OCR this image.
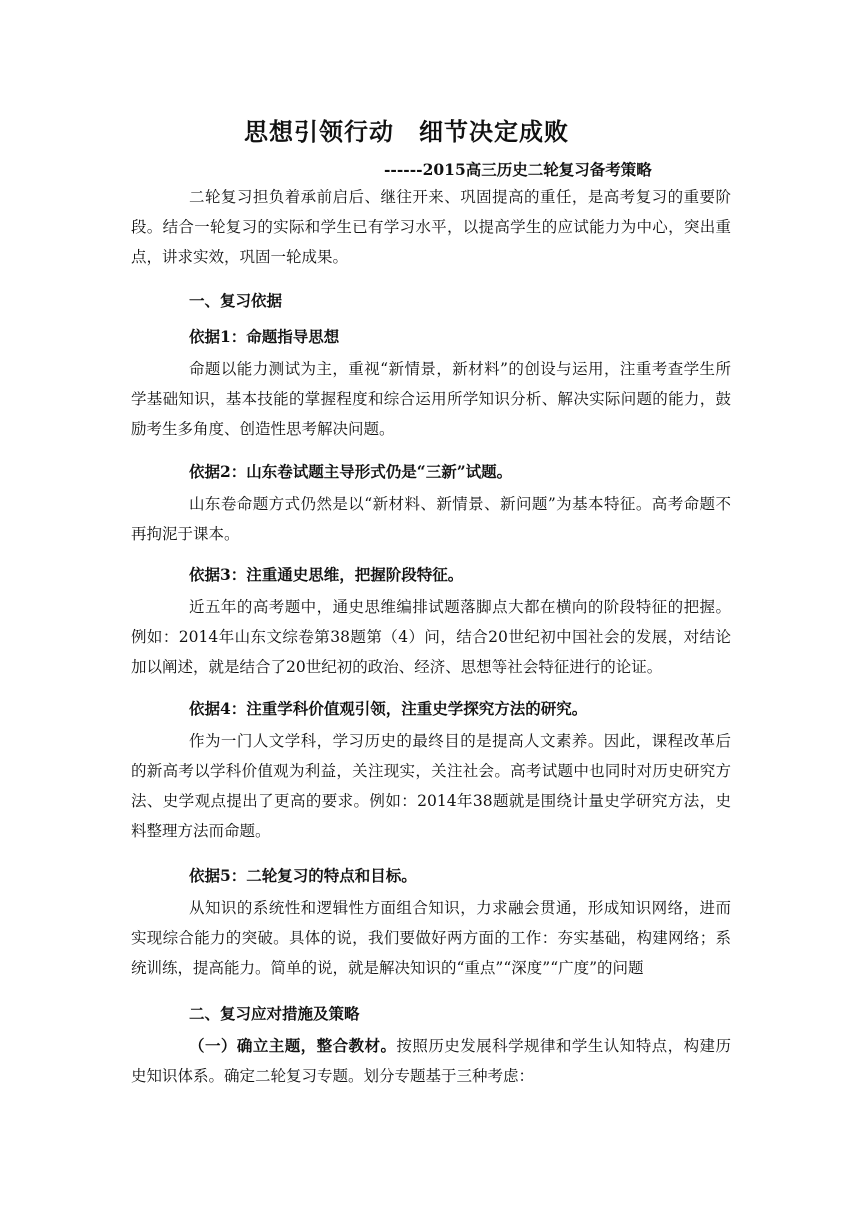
思想引领行动　细节决定成败
------2015高三历史二轮复习备考策略
二轮复习担负着承前启后、继往开来、巩固提高的重任，是高考复习的重要阶段。结合一轮复习的实际和学生已有学习水平，以提高学生的应试能力为中心，突出重点，讲求实效，巩固一轮成果。
一、复习依据
依据1：命题指导思想
命题以能力测试为主，重视“新情景，新材料”的创设与运用，注重考查学生所学基础知识，基本技能的掌握程度和综合运用所学知识分析、解决实际问题的能力，鼓励考生多角度、创造性思考解决问题。
依据2：山东卷试题主导形式仍是“三新”试题。
山东卷命题方式仍然是以“新材料、新情景、新问题”为基本特征。高考命题不再拘泥于课本。
依据3：注重通史思维，把握阶段特征。
近五年的高考题中，通史思维编排试题落脚点大都在横向的阶段特征的把握。例如：2014年山东文综卷第38题第（4）问，结合20世纪初中国社会的发展，对结论加以阐述，就是结合了20世纪初的政治、经济、思想等社会特征进行的论证。
依据4：注重学科价值观引领，注重史学探究方法的研究。
作为一门人文学科，学习历史的最终目的是提高人文素养。因此，课程改革后的新高考以学科价值观为利益，关注现实，关注社会。高考试题中也同时对历史研究方法、史学观点提出了更高的要求。例如：2014年38题就是围绕计量史学研究方法，史料整理方法而命题。
依据5：二轮复习的特点和目标。
从知识的系统性和逻辑性方面组合知识，力求融会贯通，形成知识网络，进而实现综合能力的突破。具体的说，我们要做好两方面的工作：夯实基础，构建网络；系统训练，提高能力。简单的说，就是解决知识的“重点”“深度”“广度”的问题
二、复习应对措施及策略
（一）确立主题，整合教材。按照历史发展科学规律和学生认知特点，构建历史知识体系。确定二轮复习专题。划分专题基于三种考虑：
